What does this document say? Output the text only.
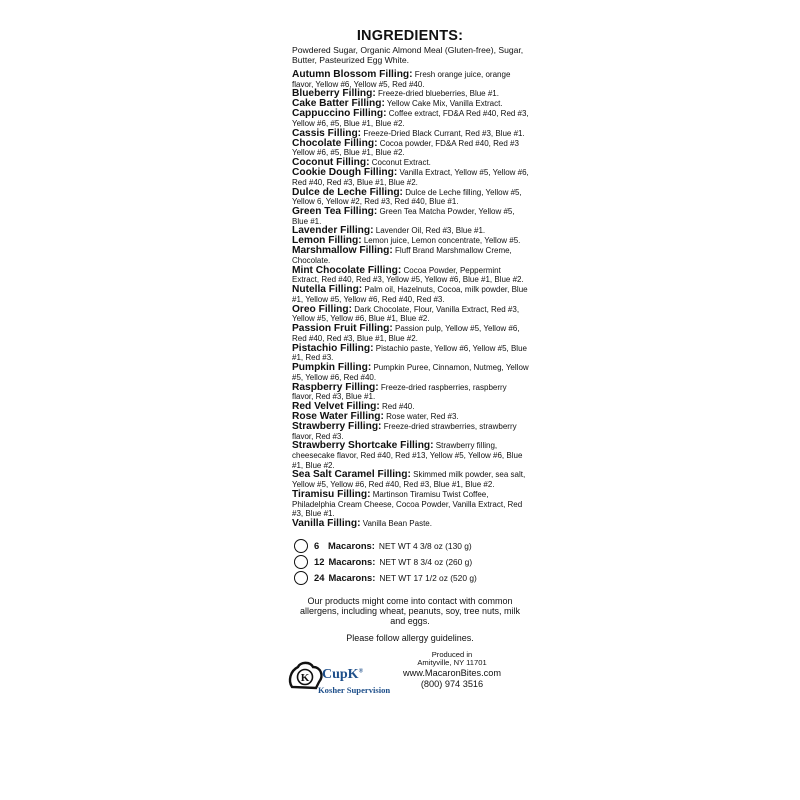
INGREDIENTS:
Powdered Sugar, Organic Almond Meal (Gluten-free), Sugar, Butter, Pasteurized Egg White.
Autumn Blossom Filling: Fresh orange juice, orange flavor, Yellow #6, Yellow #5, Red #40.
Blueberry Filling: Freeze-dried blueberries, Blue #1.
Cake Batter Filling: Yellow Cake Mix, Vanilla Extract.
Cappuccino Filling: Coffee extract, FD&A Red #40, Red #3, Yellow #6, #5, Blue #1, Blue #2.
Cassis Filling: Freeze-Dried Black Currant, Red #3, Blue #1.
Chocolate Filling: Cocoa powder, FD&A Red #40, Red #3 Yellow #6, #5, Blue #1, Blue #2.
Coconut Filling: Coconut Extract.
Cookie Dough Filling: Vanilla Extract, Yellow #5, Yellow #6, Red #40, Red #3, Blue #1, Blue #2.
Dulce de Leche Filling: Dulce de Leche filling, Yellow #5, Yellow 6, Yellow #2, Red #3, Red #40, Blue #1.
Green Tea Filling: Green Tea Matcha Powder, Yellow #5, Blue #1.
Lavender Filling: Lavender Oil, Red #3, Blue #1.
Lemon Filling: Lemon juice, Lemon concentrate, Yellow #5.
Marshmallow Filling: Fluff Brand Marshmallow Creme, Chocolate.
Mint Chocolate Filling: Cocoa Powder, Peppermint Extract, Red #40, Red #3, Yellow #5, Yellow #6, Blue #1, Blue #2.
Nutella Filling: Palm oil, Hazelnuts, Cocoa, milk powder, Blue #1, Yellow #5, Yellow #6, Red #40, Red #3.
Oreo Filling: Dark Chocolate, Flour, Vanilla Extract, Red #3, Yellow #5, Yellow #6, Blue #1, Blue #2.
Passion Fruit Filling: Passion pulp, Yellow #5, Yellow #6, Red #40, Red #3, Blue #1, Blue #2.
Pistachio Filling: Pistachio paste, Yellow #6, Yellow #5, Blue #1, Red #3.
Pumpkin Filling: Pumpkin Puree, Cinnamon, Nutmeg, Yellow #5, Yellow #6, Red #40.
Raspberry Filling: Freeze-dried raspberries, raspberry flavor, Red #3, Blue #1.
Red Velvet Filling: Red #40.
Rose Water Filling: Rose water, Red #3.
Strawberry Filling: Freeze-dried strawberries, strawberry flavor, Red #3.
Strawberry Shortcake Filling: Strawberry filling, cheesecake flavor, Red #40, Red #13, Yellow #5, Yellow #6, Blue #1, Blue #2.
Sea Salt Caramel Filling: Skimmed milk powder, sea salt, Yellow #5, Yellow #6, Red #40, Red #3, Blue #1, Blue #2.
Tiramisu Filling: Martinson Tiramisu Twist Coffee, Philadelphia Cream Cheese, Cocoa Powder, Vanilla Extract, Red #3, Blue #1.
Vanilla Filling: Vanilla Bean Paste.
6 Macarons: NET WT 4 3/8 oz (130 g)
12 Macarons: NET WT 8 3/4 oz (260 g)
24 Macarons: NET WT 17 1/2 oz (520 g)
Our products might come into contact with common allergens, including wheat, peanuts, soy, tree nuts, milk and eggs.
Please follow allergy guidelines.
K CupK®
Kosher Supervision
Produced in
Amityville, NY 11701
www.MacaronBites.com
(800) 974 3516
